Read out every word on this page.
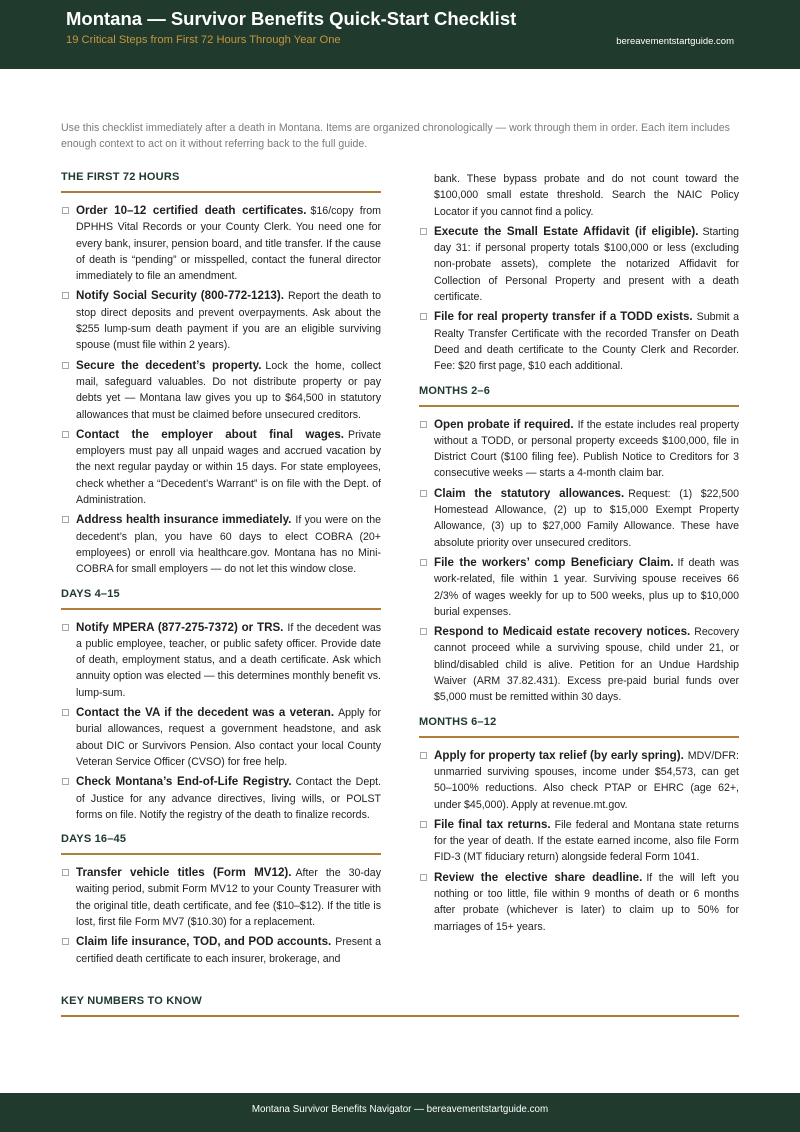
Montana — Survivor Benefits Quick-Start Checklist
19 Critical Steps from First 72 Hours Through Year One	bereavementstartguide.com
Use this checklist immediately after a death in Montana. Items are organized chronologically — work through them in order. Each item includes enough context to act on it without referring back to the full guide.
THE FIRST 72 HOURS
Order 10–12 certified death certificates. $16/copy from DPHHS Vital Records or your County Clerk. You need one for every bank, insurer, pension board, and title transfer. If the cause of death is “pending” or misspelled, contact the funeral director immediately to file an amendment.
Notify Social Security (800-772-1213). Report the death to stop direct deposits and prevent overpayments. Ask about the $255 lump-sum death payment if you are an eligible surviving spouse (must file within 2 years).
Secure the decedent’s property. Lock the home, collect mail, safeguard valuables. Do not distribute property or pay debts yet — Montana law gives you up to $64,500 in statutory allowances that must be claimed before unsecured creditors.
Contact the employer about final wages. Private employers must pay all unpaid wages and accrued vacation by the next regular payday or within 15 days. For state employees, check whether a “Decedent’s Warrant” is on file with the Dept. of Administration.
Address health insurance immediately. If you were on the decedent’s plan, you have 60 days to elect COBRA (20+ employees) or enroll via healthcare.gov. Montana has no Mini-COBRA for small employers — do not let this window close.
DAYS 4–15
Notify MPERA (877-275-7372) or TRS. If the decedent was a public employee, teacher, or public safety officer. Provide date of death, employment status, and a death certificate. Ask which annuity option was elected — this determines monthly benefit vs. lump-sum.
Contact the VA if the decedent was a veteran. Apply for burial allowances, request a government headstone, and ask about DIC or Survivors Pension. Also contact your local County Veteran Service Officer (CVSO) for free help.
Check Montana’s End-of-Life Registry. Contact the Dept. of Justice for any advance directives, living wills, or POLST forms on file. Notify the registry of the death to finalize records.
DAYS 16–45
Transfer vehicle titles (Form MV12). After the 30-day waiting period, submit Form MV12 to your County Treasurer with the original title, death certificate, and fee ($10–$12). If the title is lost, first file Form MV7 ($10.30) for a replacement.
Claim life insurance, TOD, and POD accounts. Present a certified death certificate to each insurer, brokerage, and
bank. These bypass probate and do not count toward the $100,000 small estate threshold. Search the NAIC Policy Locator if you cannot find a policy.
Execute the Small Estate Affidavit (if eligible). Starting day 31: if personal property totals $100,000 or less (excluding non-probate assets), complete the notarized Affidavit for Collection of Personal Property and present with a death certificate.
File for real property transfer if a TODD exists. Submit a Realty Transfer Certificate with the recorded Transfer on Death Deed and death certificate to the County Clerk and Recorder. Fee: $20 first page, $10 each additional.
MONTHS 2–6
Open probate if required. If the estate includes real property without a TODD, or personal property exceeds $100,000, file in District Court ($100 filing fee). Publish Notice to Creditors for 3 consecutive weeks — starts a 4-month claim bar.
Claim the statutory allowances. Request: (1) $22,500 Homestead Allowance, (2) up to $15,000 Exempt Property Allowance, (3) up to $27,000 Family Allowance. These have absolute priority over unsecured creditors.
File the workers’ comp Beneficiary Claim. If death was work-related, file within 1 year. Surviving spouse receives 66 2/3% of wages weekly for up to 500 weeks, plus up to $10,000 burial expenses.
Respond to Medicaid estate recovery notices. Recovery cannot proceed while a surviving spouse, child under 21, or blind/disabled child is alive. Petition for an Undue Hardship Waiver (ARM 37.82.431). Excess pre-paid burial funds over $5,000 must be remitted within 30 days.
MONTHS 6–12
Apply for property tax relief (by early spring). MDV/DFR: unmarried surviving spouses, income under $54,573, can get 50–100% reductions. Also check PTAP or EHRC (age 62+, under $45,000). Apply at revenue.mt.gov.
File final tax returns. File federal and Montana state returns for the year of death. If the estate earned income, also file Form FID-3 (MT fiduciary return) alongside federal Form 1041.
Review the elective share deadline. If the will left you nothing or too little, file within 9 months of death or 6 months after probate (whichever is later) to claim up to 50% for marriages of 15+ years.
KEY NUMBERS TO KNOW
Montana Survivor Benefits Navigator — bereavementstartguide.com
